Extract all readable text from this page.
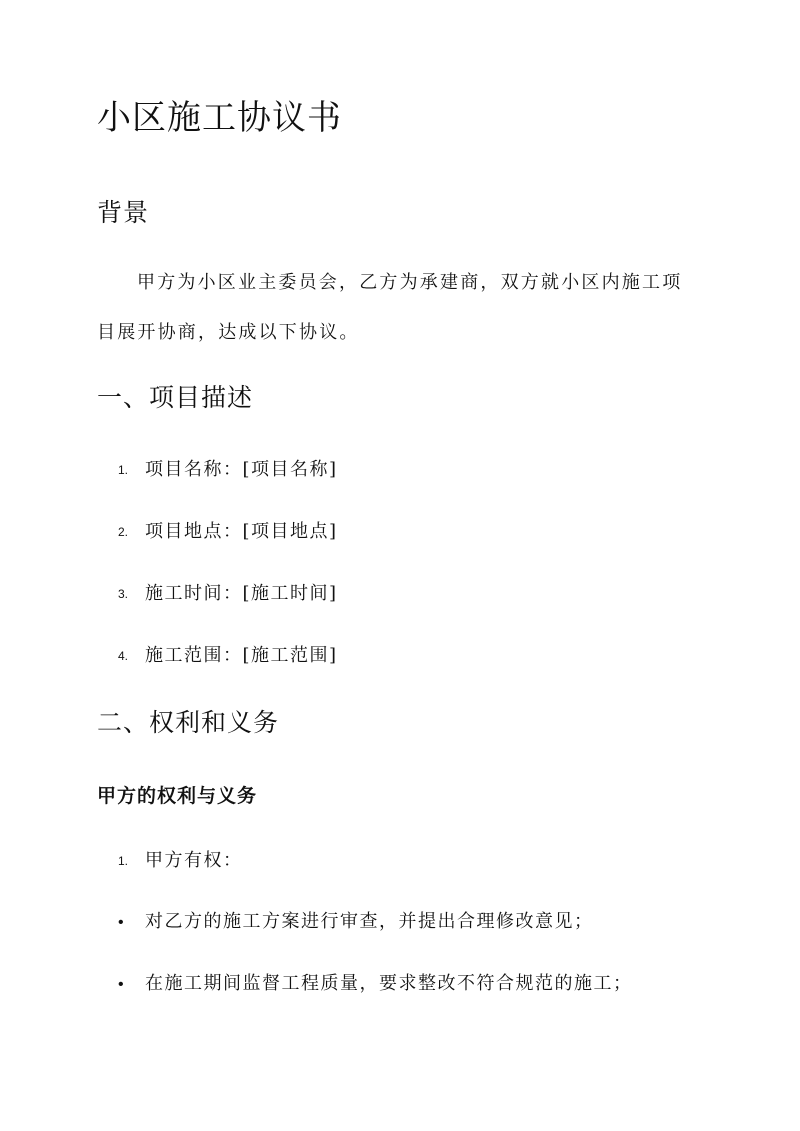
小区施工协议书
背景
甲方为小区业主委员会，乙方为承建商，双方就小区内施工项
目展开协商，达成以下协议。
一、项目描述
1. 项目名称：[项目名称]
2. 项目地点：[项目地点]
3. 施工时间：[施工时间]
4. 施工范围：[施工范围]
二、权利和义务
甲方的权利与义务
1. 甲方有权：
• 对乙方的施工方案进行审查，并提出合理修改意见；
• 在施工期间监督工程质量，要求整改不符合规范的施工；
